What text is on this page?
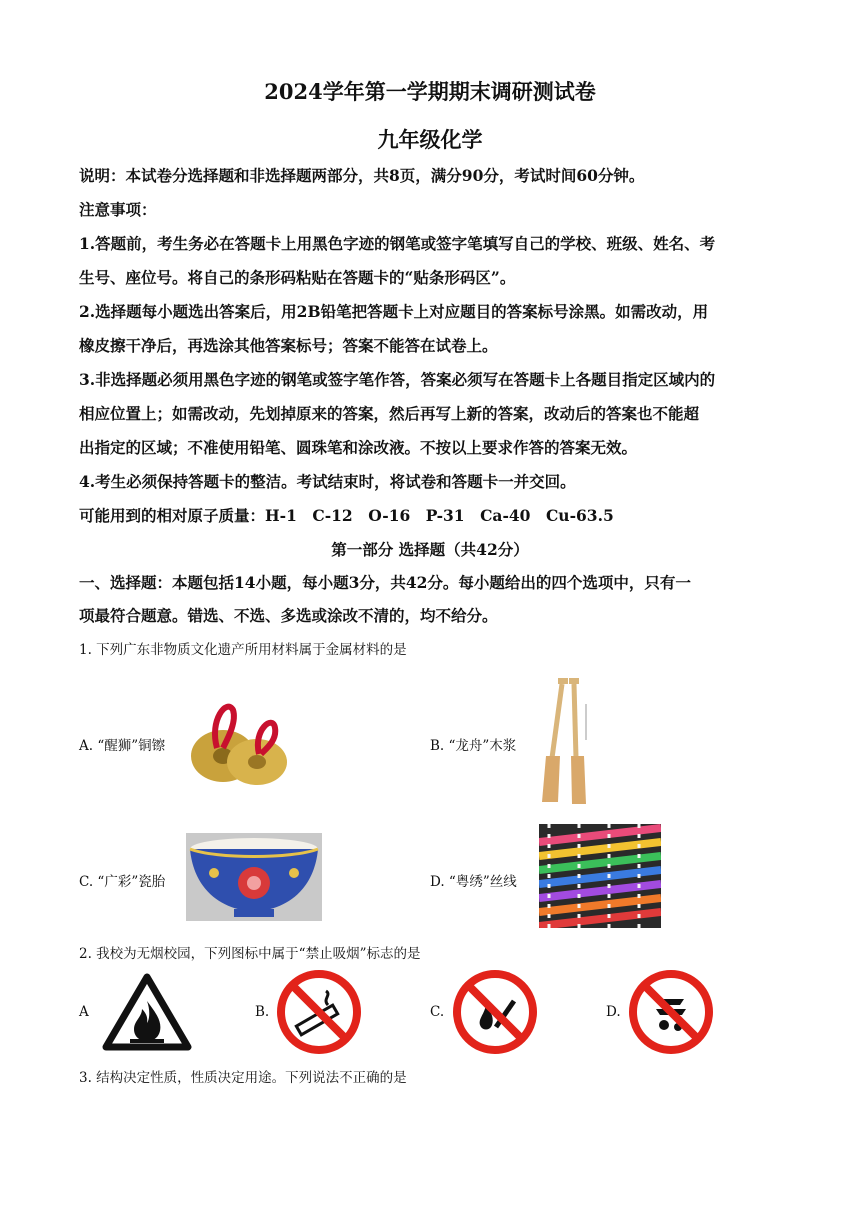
2024学年第一学期期末调研测试卷
九年级化学
说明：本试卷分选择题和非选择题两部分，共8页，满分90分，考试时间60分钟。
注意事项：
1.答题前，考生务必在答题卡上用黑色字迹的钢笔或签字笔填写自己的学校、班级、姓名、考
生号、座位号。将自己的条形码粘贴在答题卡的“贴条形码区”。
2.选择题每小题选出答案后，用2B铅笔把答题卡上对应题目的答案标号涂黑。如需改动，用
橡皮擦干净后，再选涂其他答案标号；答案不能答在试卷上。
3.非选择题必须用黑色字迹的钢笔或签字笔作答，答案必须写在答题卡上各题目指定区域内的
相应位置上；如需改动，先划掉原来的答案，然后再写上新的答案，改动后的答案也不能超
出指定的区域；不准使用铅笔、圆珠笔和涂改液。不按以上要求作答的答案无效。
4.考生必须保持答题卡的整洁。考试结束时，将试卷和答题卡一并交回。
可能用到的相对原子质量：H-1　C-12　O-16　P-31　Ca-40　Cu-63.5
第一部分 选择题（共42分）
一、选择题：本题包括14小题，每小题3分，共42分。每小题给出的四个选项中，只有一
项最符合题意。错选、不选、多选或涂改不清的，均不给分。
1. 下列广东非物质文化遗产所用材料属于金属材料的是
A. “醒狮”铜镲	B. “龙舟”木浆
C. “广彩”瓷胎	D. “粤绣”丝线
2. 我校为无烟校园，下列图标中属于“禁止吸烟”标志的是
A	B.	C.	D.
3. 结构决定性质，性质决定用途。下列说法不正确的是
